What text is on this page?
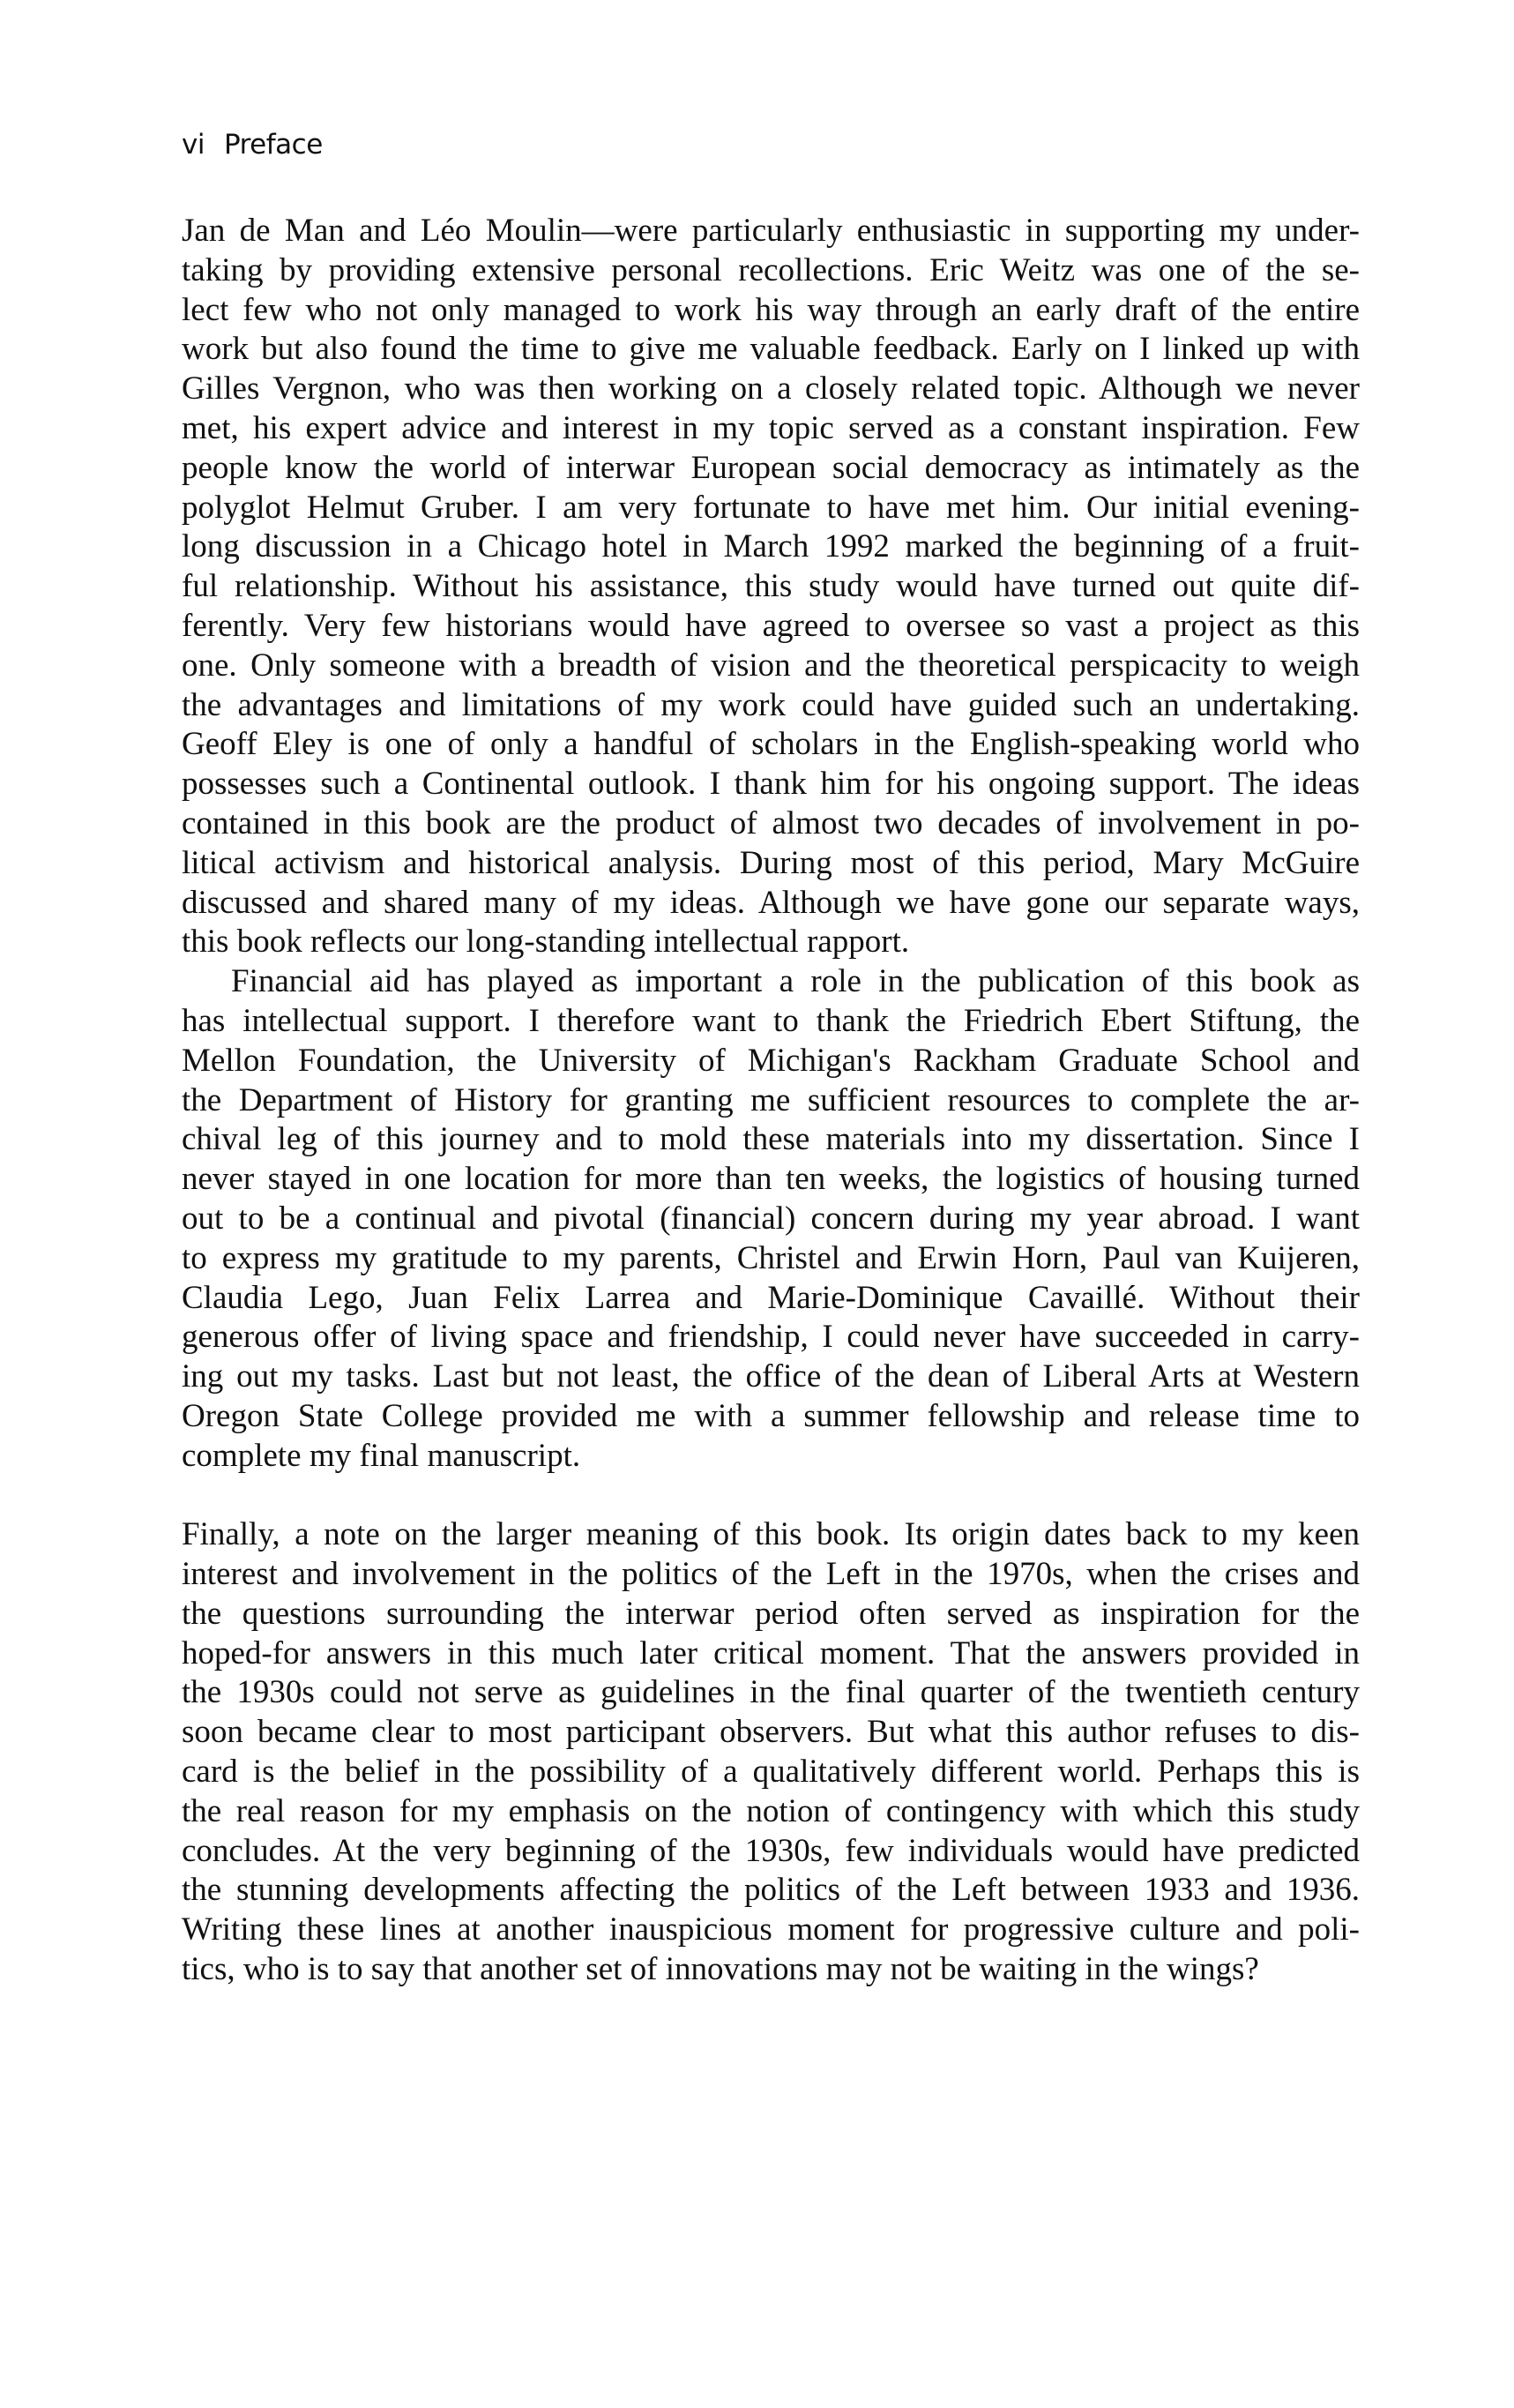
vi Preface
Jan de Man and Léo Moulin—were particularly enthusiastic in supporting my under-
taking by providing extensive personal recollections. Eric Weitz was one of the se-
lect few who not only managed to work his way through an early draft of the entire
work but also found the time to give me valuable feedback. Early on I linked up with
Gilles Vergnon, who was then working on a closely related topic. Although we never
met, his expert advice and interest in my topic served as a constant inspiration. Few
people know the world of interwar European social democracy as intimately as the
polyglot Helmut Gruber. I am very fortunate to have met him. Our initial evening-
long discussion in a Chicago hotel in March 1992 marked the beginning of a fruit-
ful relationship. Without his assistance, this study would have turned out quite dif-
ferently. Very few historians would have agreed to oversee so vast a project as this
one. Only someone with a breadth of vision and the theoretical perspicacity to weigh
the advantages and limitations of my work could have guided such an undertaking.
Geoff Eley is one of only a handful of scholars in the English-speaking world who
possesses such a Continental outlook. I thank him for his ongoing support. The ideas
contained in this book are the product of almost two decades of involvement in po-
litical activism and historical analysis. During most of this period, Mary McGuire
discussed and shared many of my ideas. Although we have gone our separate ways,
this book reflects our long-standing intellectual rapport.
Financial aid has played as important a role in the publication of this book as
has intellectual support. I therefore want to thank the Friedrich Ebert Stiftung, the
Mellon Foundation, the University of Michigan's Rackham Graduate School and
the Department of History for granting me sufficient resources to complete the ar-
chival leg of this journey and to mold these materials into my dissertation. Since I
never stayed in one location for more than ten weeks, the logistics of housing turned
out to be a continual and pivotal (financial) concern during my year abroad. I want
to express my gratitude to my parents, Christel and Erwin Horn, Paul van Kuijeren,
Claudia Lego, Juan Felix Larrea and Marie-Dominique Cavaillé. Without their
generous offer of living space and friendship, I could never have succeeded in carry-
ing out my tasks. Last but not least, the office of the dean of Liberal Arts at Western
Oregon State College provided me with a summer fellowship and release time to
complete my final manuscript.
Finally, a note on the larger meaning of this book. Its origin dates back to my keen
interest and involvement in the politics of the Left in the 1970s, when the crises and
the questions surrounding the interwar period often served as inspiration for the
hoped-for answers in this much later critical moment. That the answers provided in
the 1930s could not serve as guidelines in the final quarter of the twentieth century
soon became clear to most participant observers. But what this author refuses to dis-
card is the belief in the possibility of a qualitatively different world. Perhaps this is
the real reason for my emphasis on the notion of contingency with which this study
concludes. At the very beginning of the 1930s, few individuals would have predicted
the stunning developments affecting the politics of the Left between 1933 and 1936.
Writing these lines at another inauspicious moment for progressive culture and poli-
tics, who is to say that another set of innovations may not be waiting in the wings?
